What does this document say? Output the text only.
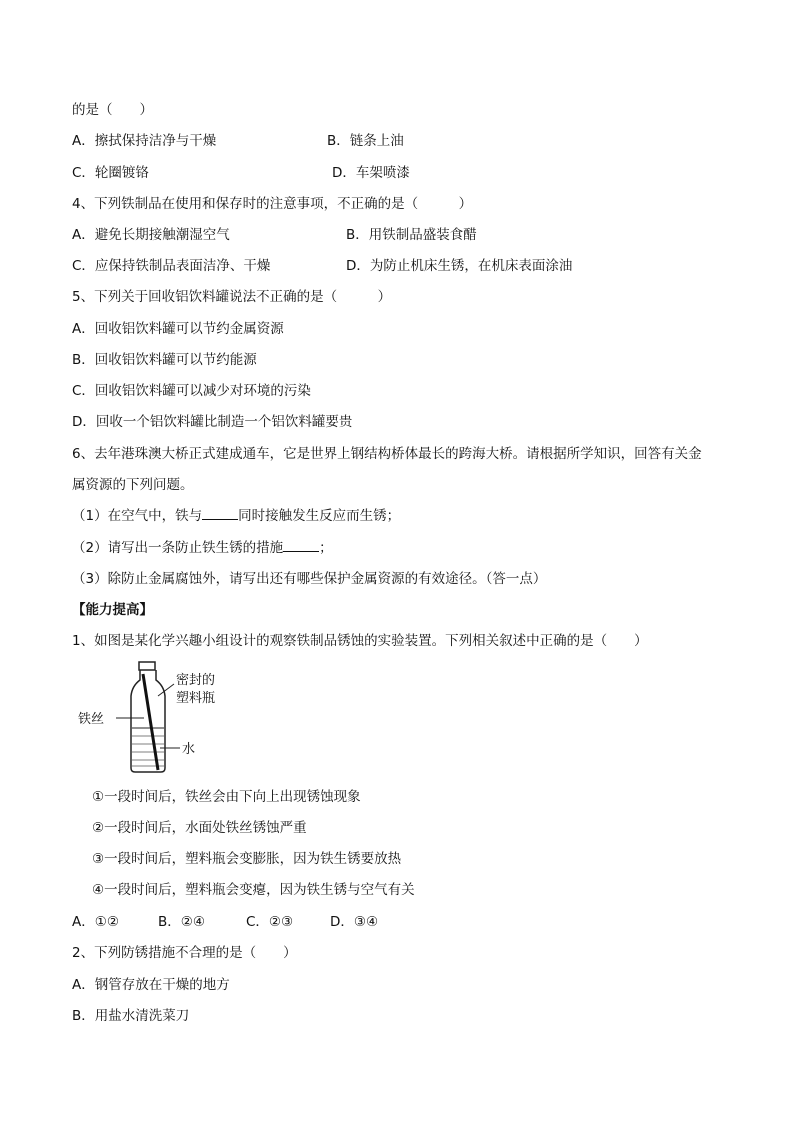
的是（　　）
A．擦拭保持洁净与干燥	B．链条上油
C．轮圈镀铬	D．车架喷漆
4、下列铁制品在使用和保存时的注意事项，不正确的是（　　　）
A．避免长期接触潮湿空气	B．用铁制品盛装食醋
C．应保持铁制品表面洁净、干燥	D．为防止机床生锈，在机床表面涂油
5、下列关于回收铝饮料罐说法不正确的是（　　　）
A．回收铝饮料罐可以节约金属资源
B．回收铝饮料罐可以节约能源
C．回收铝饮料罐可以减少对环境的污染
D．回收一个铝饮料罐比制造一个铝饮料罐要贵
6、去年港珠澳大桥正式建成通车，它是世界上钢结构桥体最长的跨海大桥。请根据所学知识，回答有关金
属资源的下列问题。
（1）在空气中，铁与	同时接触发生反应而生锈；
（2）请写出一条防止铁生锈的措施	；
（3）除防止金属腐蚀外，请写出还有哪些保护金属资源的有效途径。（答一点）
【能力提高】
1、如图是某化学兴趣小组设计的观察铁制品锈蚀的实验装置。下列相关叙述中正确的是（　　）
铁丝
密封的
塑料瓶
水
①一段时间后，铁丝会由下向上出现锈蚀现象
②一段时间后，水面处铁丝锈蚀严重
③一段时间后，塑料瓶会变膨胀，因为铁生锈要放热
④一段时间后，塑料瓶会变瘪，因为铁生锈与空气有关
A．①②	B．②④	C．②③	D．③④
2、下列防锈措施不合理的是（　　）
A．钢管存放在干燥的地方
B．用盐水清洗菜刀
